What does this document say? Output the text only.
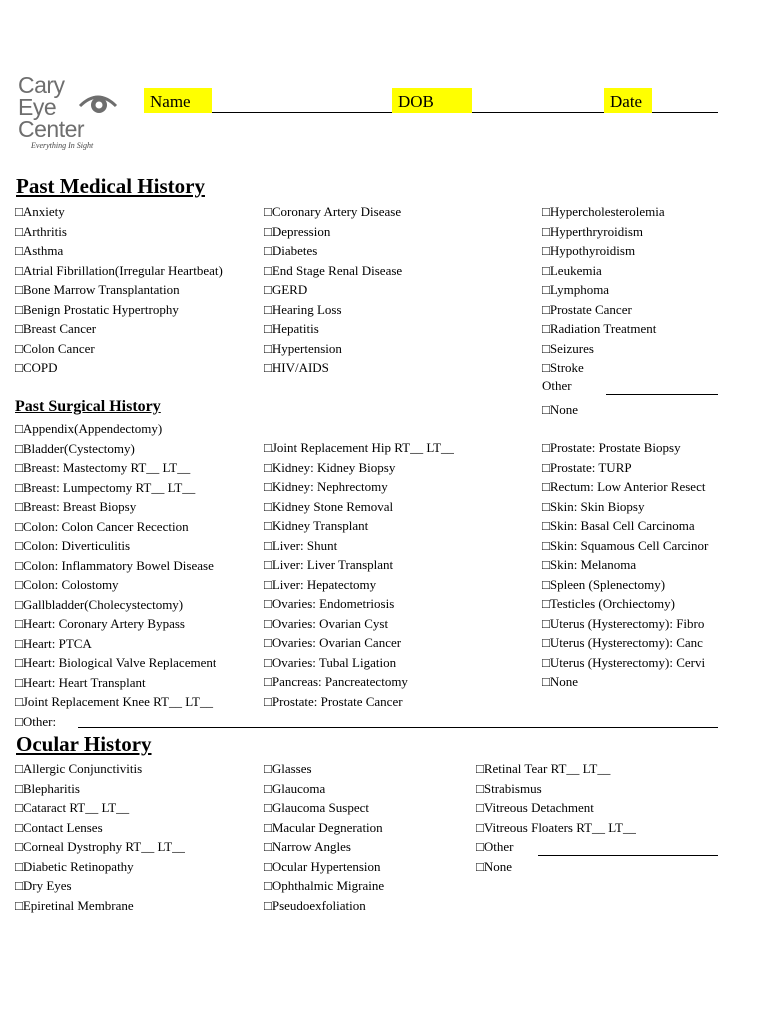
Cary
Eye
Center
Everything In Sight
Name	DOB	Date
Past Medical History
□Anxiety
□Arthritis
□Asthma
□Atrial Fibrillation(Irregular Heartbeat)
□Bone Marrow Transplantation
□Benign Prostatic Hypertrophy
□Breast Cancer
□Colon Cancer
□COPD
□Coronary Artery Disease
□Depression
□Diabetes
□End Stage Renal Disease
□GERD
□Hearing Loss
□Hepatitis
□Hypertension
□HIV/AIDS
□Hypercholesterolemia
□Hyperthryroidism
□Hypothyroidism
□Leukemia
□Lymphoma
□Prostate Cancer
□Radiation Treatment
□Seizures
□Stroke
Other
□None
Past Surgical History
□Appendix(Appendectomy)
□Bladder(Cystectomy)
□Breast: Mastectomy RT__ LT__
□Breast: Lumpectomy RT__ LT__
□Breast: Breast Biopsy
□Colon: Colon Cancer Recection
□Colon: Diverticulitis
□Colon: Inflammatory Bowel Disease
□Colon: Colostomy
□Gallbladder(Cholecystectomy)
□Heart: Coronary Artery Bypass
□Heart: PTCA
□Heart: Biological Valve Replacement
□Heart: Heart Transplant
□Joint Replacement Knee RT__ LT__
□Other:
□Joint Replacement Hip RT__ LT__
□Kidney: Kidney Biopsy
□Kidney: Nephrectomy
□Kidney Stone Removal
□Kidney Transplant
□Liver: Shunt
□Liver: Liver Transplant
□Liver: Hepatectomy
□Ovaries: Endometriosis
□Ovaries: Ovarian Cyst
□Ovaries: Ovarian Cancer
□Ovaries: Tubal Ligation
□Pancreas: Pancreatectomy
□Prostate: Prostate Cancer
□Prostate: Prostate Biopsy
□Prostate: TURP
□Rectum: Low Anterior Resect
□Skin: Skin Biopsy
□Skin: Basal Cell Carcinoma
□Skin: Squamous Cell Carcinor
□Skin: Melanoma
□Spleen (Splenectomy)
□Testicles (Orchiectomy)
□Uterus (Hysterectomy): Fibro
□Uterus (Hysterectomy): Canc
□Uterus (Hysterectomy): Cervi
□None
Ocular History
□Allergic Conjunctivitis
□Blepharitis
□Cataract RT__ LT__
□Contact Lenses
□Corneal Dystrophy RT__ LT__
□Diabetic Retinopathy
□Dry Eyes
□Epiretinal Membrane
□Glasses
□Glaucoma
□Glaucoma Suspect
□Macular Degneration
□Narrow Angles
□Ocular Hypertension
□Ophthalmic Migraine
□Pseudoexfoliation
□Retinal Tear RT__ LT__
□Strabismus
□Vitreous Detachment
□Vitreous Floaters RT__ LT__
□Other
□None
